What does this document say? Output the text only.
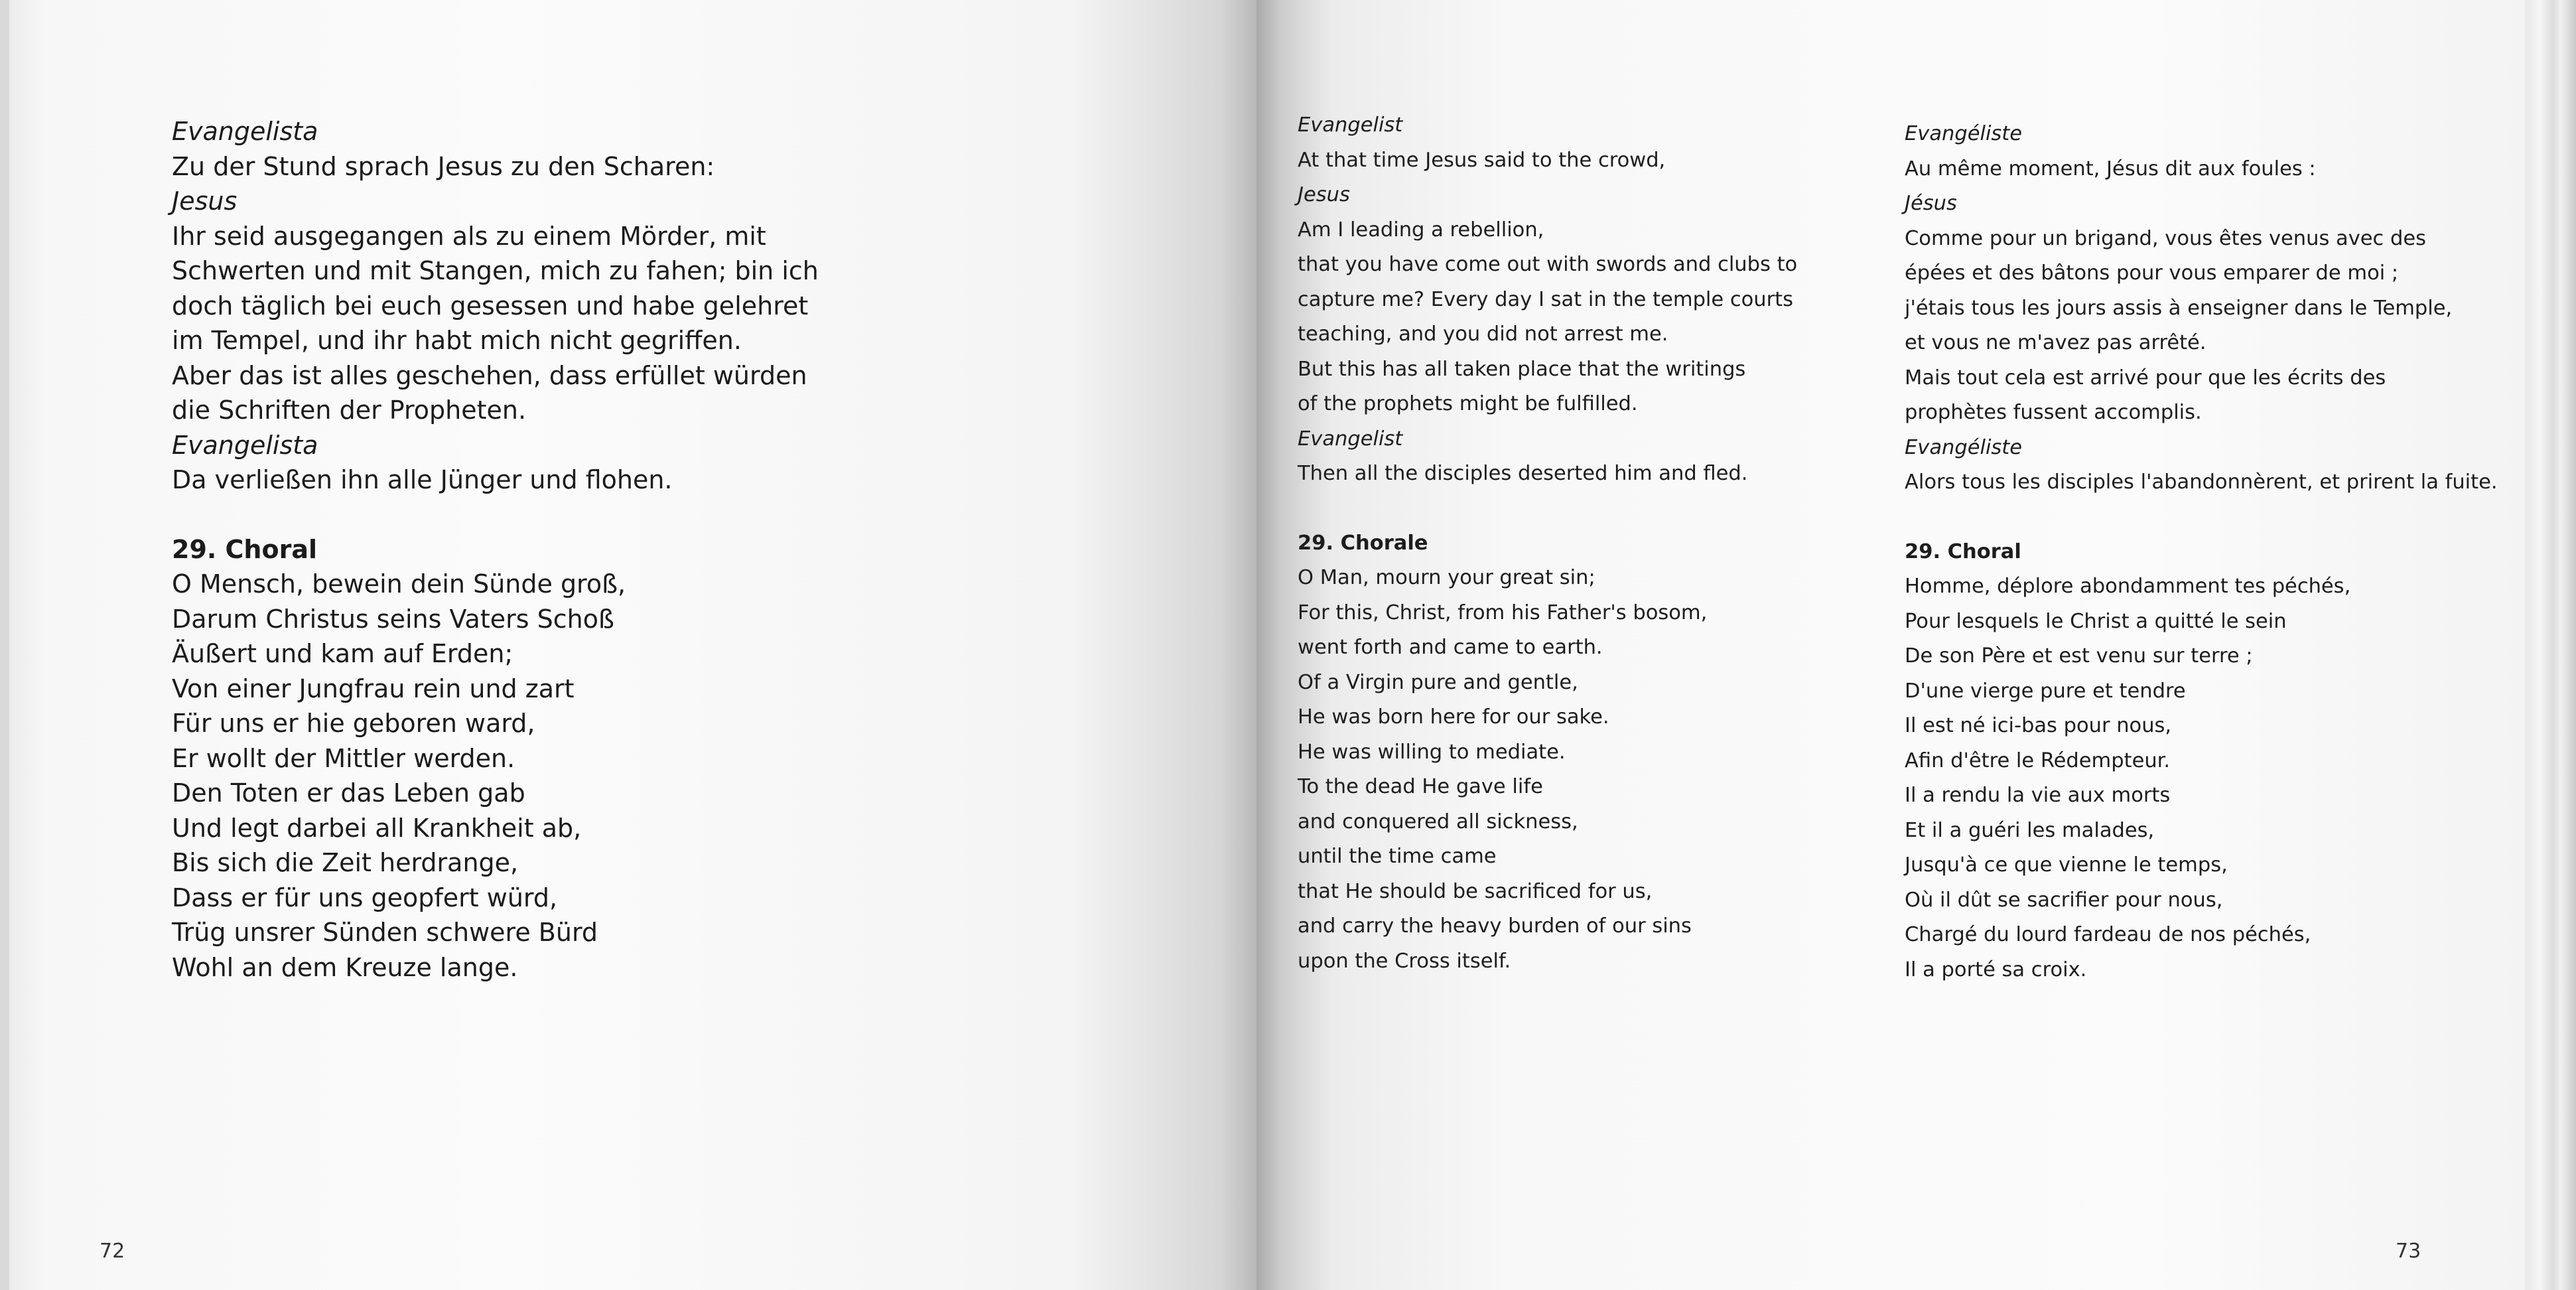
Evangelista
Zu der Stund sprach Jesus zu den Scharen:
Jesus
Ihr seid ausgegangen als zu einem Mörder, mit
Schwerten und mit Stangen, mich zu fahen; bin ich
doch täglich bei euch gesessen und habe gelehret
im Tempel, und ihr habt mich nicht gegriffen.
Aber das ist alles geschehen, dass erfüllet würden
die Schriften der Propheten.
Evangelista
Da verließen ihn alle Jünger und flohen.
29. Choral
O Mensch, bewein dein Sünde groß,
Darum Christus seins Vaters Schoß
Äußert und kam auf Erden;
Von einer Jungfrau rein und zart
Für uns er hie geboren ward,
Er wollt der Mittler werden.
Den Toten er das Leben gab
Und legt darbei all Krankheit ab,
Bis sich die Zeit herdrange,
Dass er für uns geopfert würd,
Trüg unsrer Sünden schwere Bürd
Wohl an dem Kreuze lange.
72
Evangelist
At that time Jesus said to the crowd,
Jesus
Am I leading a rebellion,
that you have come out with swords and clubs to
capture me? Every day I sat in the temple courts
teaching, and you did not arrest me.
But this has all taken place that the writings
of the prophets might be fulfilled.
Evangelist
Then all the disciples deserted him and fled.
29. Chorale
O Man, mourn your great sin;
For this, Christ, from his Father's bosom,
went forth and came to earth.
Of a Virgin pure and gentle,
He was born here for our sake.
He was willing to mediate.
To the dead He gave life
and conquered all sickness,
until the time came
that He should be sacrificed for us,
and carry the heavy burden of our sins
upon the Cross itself.
Evangéliste
Au même moment, Jésus dit aux foules :
Jésus
Comme pour un brigand, vous êtes venus avec des
épées et des bâtons pour vous emparer de moi ;
j'étais tous les jours assis à enseigner dans le Temple,
et vous ne m'avez pas arrêté.
Mais tout cela est arrivé pour que les écrits des
prophètes fussent accomplis.
Evangéliste
Alors tous les disciples l'abandonnèrent, et prirent la fuite.
29. Choral
Homme, déplore abondamment tes péchés,
Pour lesquels le Christ a quitté le sein
De son Père et est venu sur terre ;
D'une vierge pure et tendre
Il est né ici-bas pour nous,
Afin d'être le Rédempteur.
Il a rendu la vie aux morts
Et il a guéri les malades,
Jusqu'à ce que vienne le temps,
Où il dût se sacrifier pour nous,
Chargé du lourd fardeau de nos péchés,
Il a porté sa croix.
73
